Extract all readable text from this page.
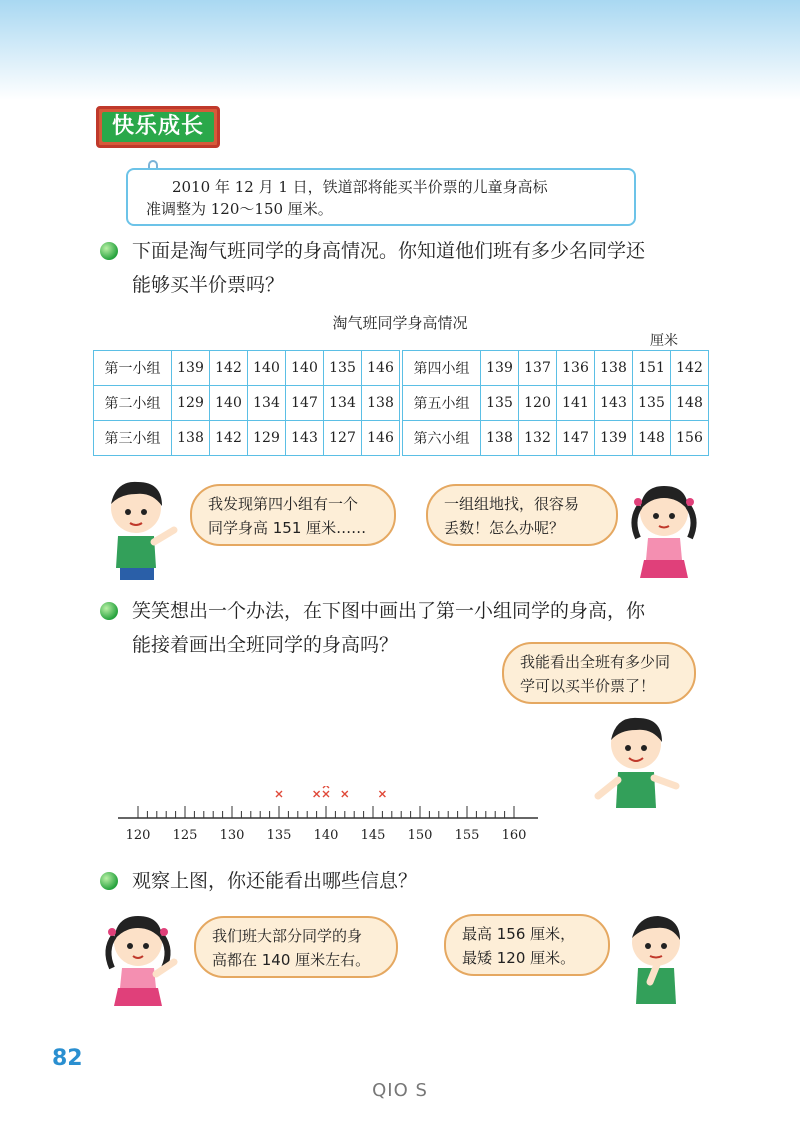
快乐成长
2010 年 12 月 1 日，铁道部将能买半价票的儿童身高标
准调整为 120～150 厘米。
下面是淘气班同学的身高情况。你知道他们班有多少名同学还
能够买半价票吗？
淘气班同学身高情况
厘米
第一小组	139	142	140	140	135	146	第四小组	139	137	136	138	151	142
第二小组	129	140	134	147	134	138	第五小组	135	120	141	143	135	148
第三小组	138	142	129	143	127	146	第六小组	138	132	147	139	148	156
我发现第四小组有一个
同学身高 151 厘米……
一组组地找，很容易
丢数！怎么办呢？
笑笑想出一个办法，在下图中画出了第一小组同学的身高，你
能接着画出全班同学的身高吗？
我能看出全班有多少同
学可以买半价票了！
120 125 130 135 140 145 150 155 160
观察上图，你还能看出哪些信息？
我们班大部分同学的身
高都在 140 厘米左右。
最高 156 厘米，
最矮 120 厘米。
82
QIO S
